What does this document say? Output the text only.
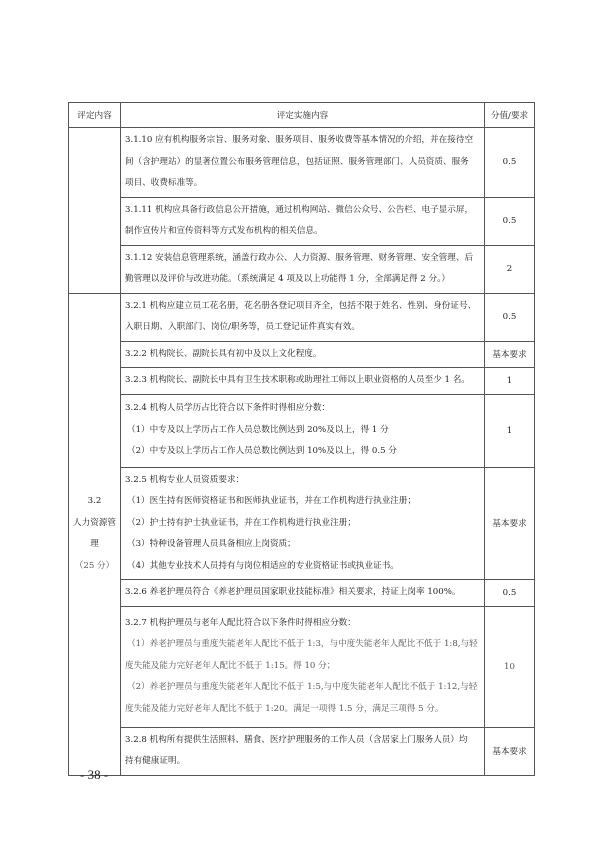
评定内容	评定实施内容	分值/要求

	3.1.10 应有机构服务宗旨、服务对象、服务项目、服务收费等基本情况的介绍，并在接待空
间（含护理站）的显著位置公布服务管理信息，包括证照、服务管理部门、人员资质、服务
项目、收费标准等。	0.5

	3.1.11 机构应具备行政信息公开措施，通过机构网站、微信公众号、公告栏、电子显示屏，
制作宣传片和宣传资料等方式发布机构的相关信息。	0.5

	3.1.12 安装信息管理系统，涵盖行政办公、人力资源、服务管理、财务管理、安全管理、后
勤管理以及评价与改进功能。（系统满足 4 项及以上功能得 1 分，全部满足得 2 分。）	2

3.2
人力资源管
理
（25 分）	3.2.1 机构应建立员工花名册，花名册各登记项目齐全，包括不限于姓名、性别、身份证号、
入职日期、入职部门、岗位/职务等，员工登记证件真实有效。	0.5

	3.2.2 机构院长、副院长具有初中及以上文化程度。	基本要求

	3.2.3 机构院长、副院长中具有卫生技术职称或助理社工师以上职业资格的人员至少 1 名。	1

	3.2.4 机构人员学历占比符合以下条件时得相应分数：
（1）中专及以上学历占工作人员总数比例达到 20%及以上，得 1 分
（2）中专及以上学历占工作人员总数比例达到 10%及以上，得 0.5 分	1

	3.2.5 机构专业人员资质要求：
（1）医生持有医师资格证书和医师执业证书，并在工作机构进行执业注册；
（2）护士持有护士执业证书，并在工作机构进行执业注册；
（3）特种设备管理人员具备相应上岗资质；
（4）其他专业技术人员持有与岗位相适应的专业资格证书或执业证书。	基本要求

	3.2.6 养老护理员符合《养老护理员国家职业技能标准》相关要求，持证上岗率 100%。	0.5

	3.2.7 机构护理员与老年人配比符合以下条件时得相应分数：
（1）养老护理员与重度失能老年人配比不低于 1:3，与中度失能老年人配比不低于 1:8,与轻
度失能及能力完好老年人配比不低于 1:15。得 10 分；
（2）养老护理员与重度失能老年人配比不低于 1:5,与中度失能老年人配比不低于 1:12,与轻
度失能及能力完好老年人配比不低于 1:20。满足一项得 1.5 分，满足三项得 5 分。	10

	3.2.8 机构所有提供生活照料、膳食、医疗护理服务的工作人员（含居家上门服务人员）均
持有健康证明。	基本要求
- 38 -
